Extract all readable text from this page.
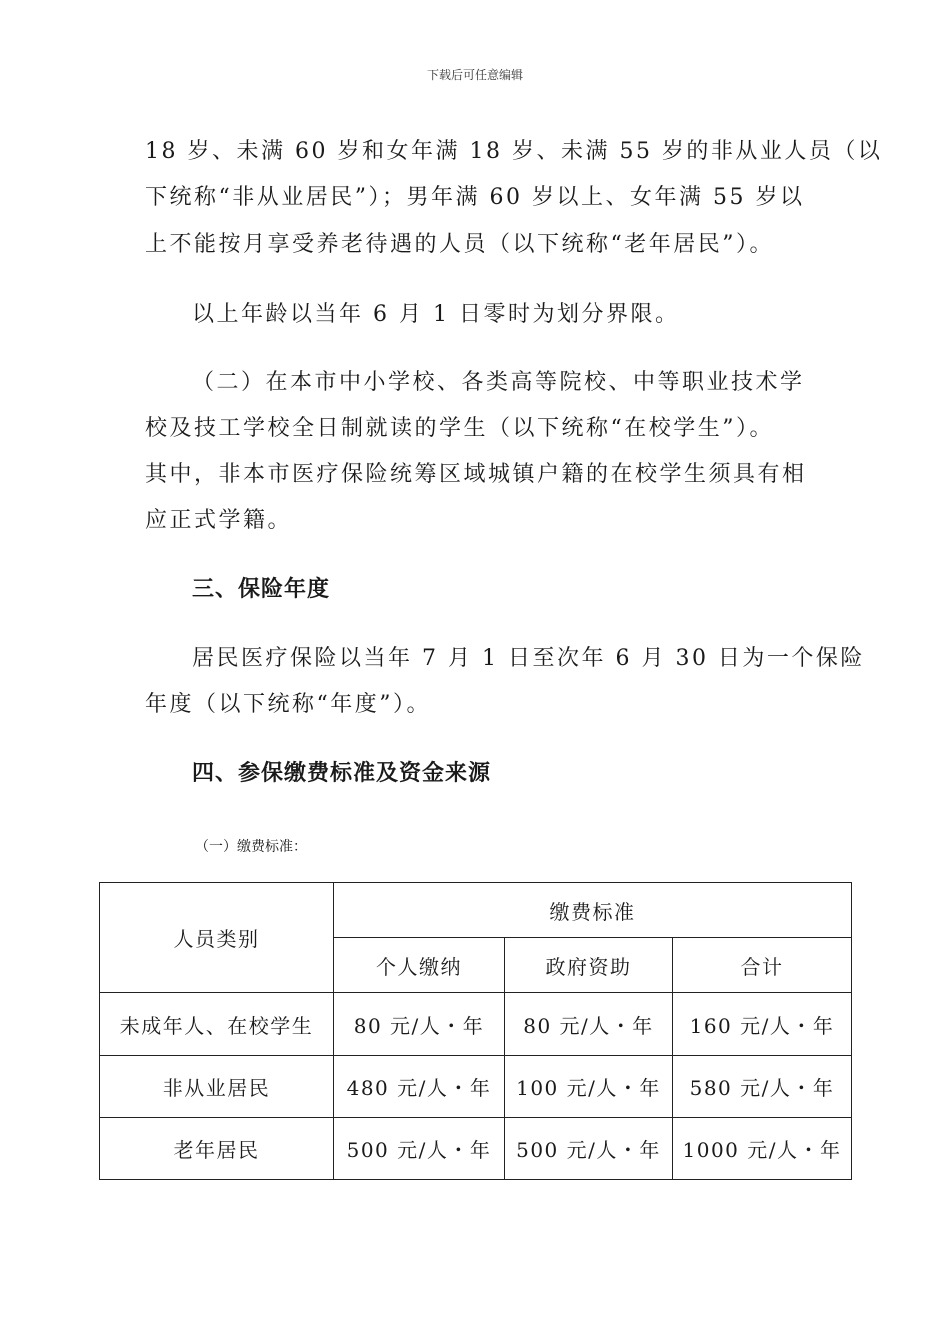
下载后可任意编辑
18 岁、未满 60 岁和女年满 18 岁、未满 55 岁的非从业人员（以
下统称“非从业居民”）；男年满 60 岁以上、女年满 55 岁以
上不能按月享受养老待遇的人员（以下统称“老年居民”）。
以上年龄以当年 6 月 1 日零时为划分界限。
（二）在本市中小学校、各类高等院校、中等职业技术学
校及技工学校全日制就读的学生（以下统称“在校学生”）。
其中，非本市医疗保险统筹区域城镇户籍的在校学生须具有相
应正式学籍。
三、保险年度
居民医疗保险以当年 7 月 1 日至次年 6 月 30 日为一个保险
年度（以下统称“年度”）。
四、参保缴费标准及资金来源
（一）缴费标准：
人员类别	缴费标准		
	个人缴纳	政府资助	合计
未成年人、在校学生	80 元/人・年	80 元/人・年	160 元/人・年
非从业居民	480 元/人・年	100 元/人・年	580 元/人・年
老年居民	500 元/人・年	500 元/人・年	1000 元/人・年
